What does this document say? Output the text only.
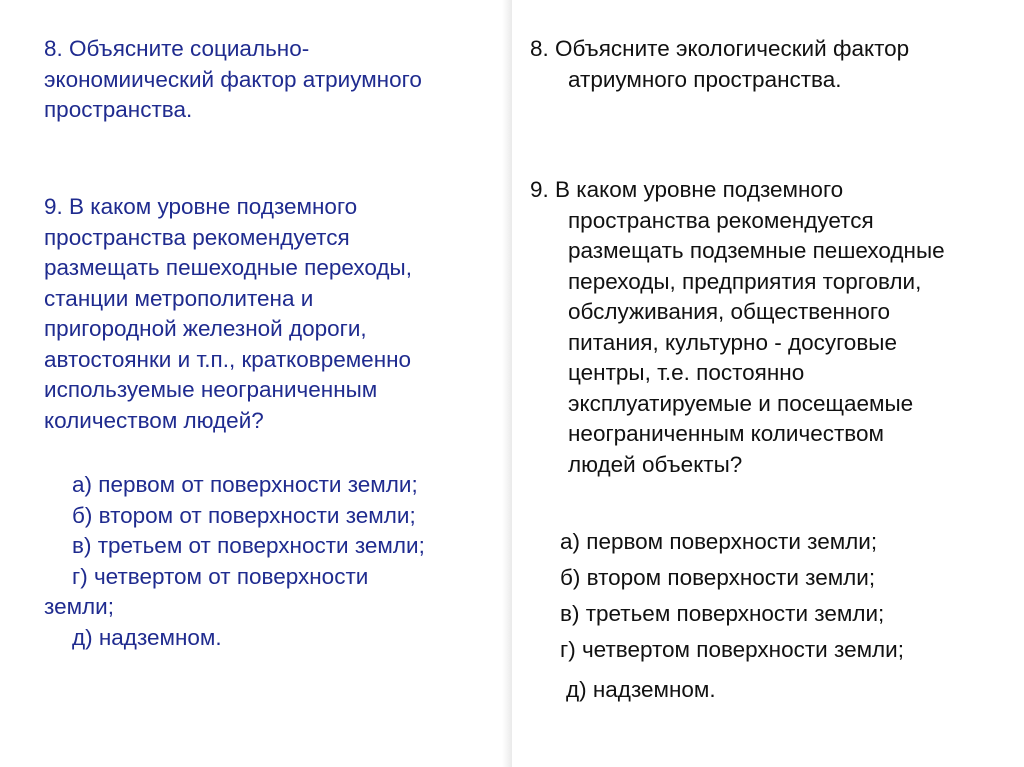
8. Объясните социально-
экономиический фактор атриумного
пространства.
9. В каком уровне подземного
пространства рекомендуется
размещать пешеходные переходы,
станции метрополитена и
пригородной железной дороги,
автостоянки и т.п., кратковременно
используемые неограниченным
количеством людей?
а) первом от поверхности земли;
б) втором от поверхности земли;
в) третьем от поверхности земли;
г) четвертом от поверхности
земли;
д) надземном.
8. Объясните экологический фактор
атриумного пространства.
9. В каком уровне подземного
пространства рекомендуется
размещать подземные пешеходные
переходы, предприятия торговли,
обслуживания, общественного
питания, культурно - досуговые
центры, т.е. постоянно
эксплуатируемые и посещаемые
неограниченным количеством
людей объекты?
а) первом поверхности земли;
б) втором поверхности земли;
в) третьем поверхности земли;
г) четвертом поверхности земли;
д) надземном.
